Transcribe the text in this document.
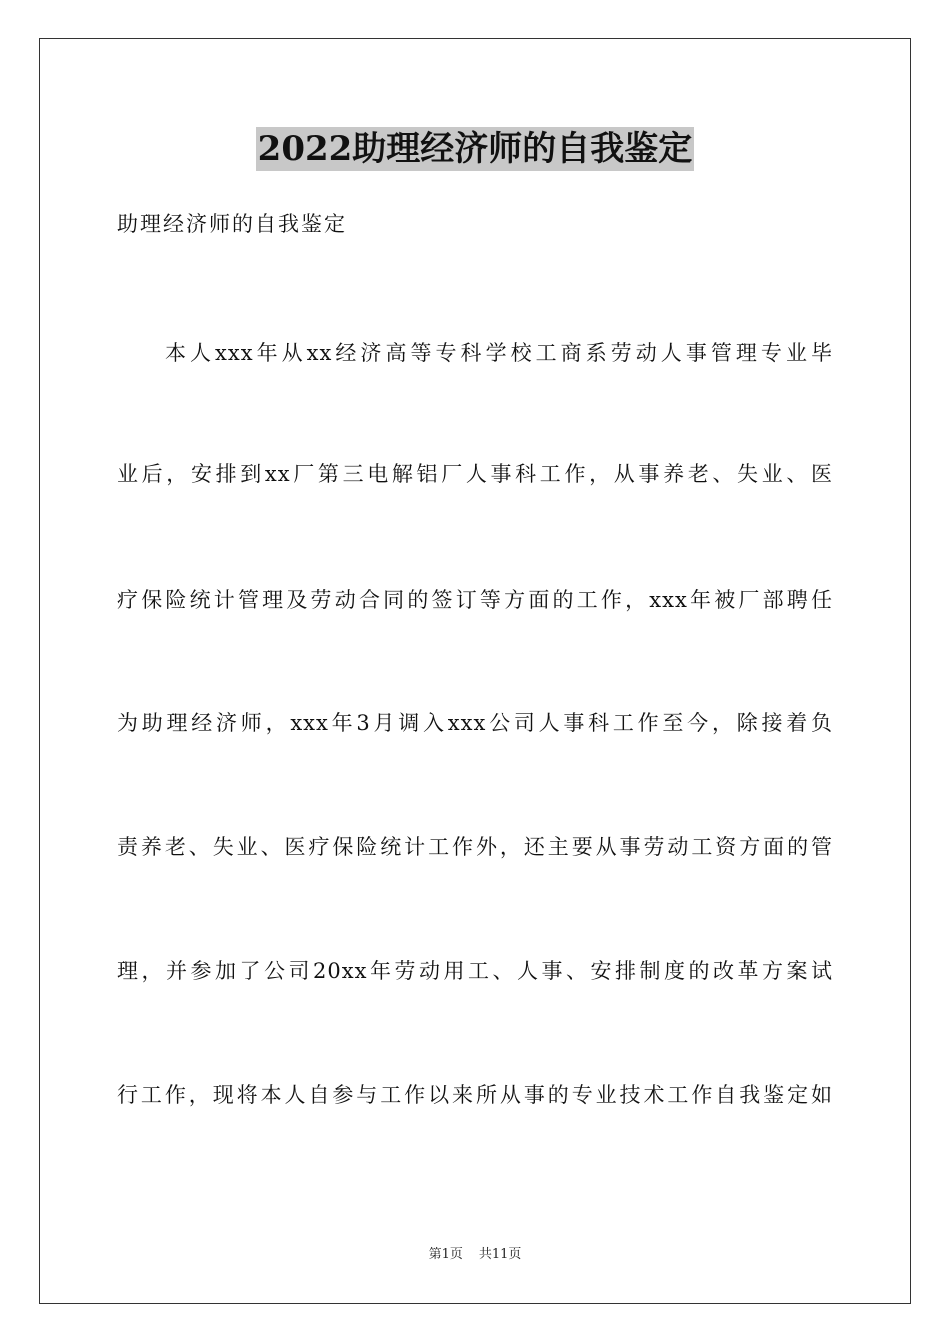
2022助理经济师的自我鉴定
助理经济师的自我鉴定
本人xxx年从xx经济高等专科学校工商系劳动人事管理专业毕
业后，安排到xx厂第三电解铝厂人事科工作，从事养老、失业、医
疗保险统计管理及劳动合同的签订等方面的工作，xxx年被厂部聘任
为助理经济师，xxx年3月调入xxx公司人事科工作至今，除接着负
责养老、失业、医疗保险统计工作外，还主要从事劳动工资方面的管
理，并参加了公司20xx年劳动用工、人事、安排制度的改革方案试
行工作，现将本人自参与工作以来所从事的专业技术工作自我鉴定如
第1页 共11页
